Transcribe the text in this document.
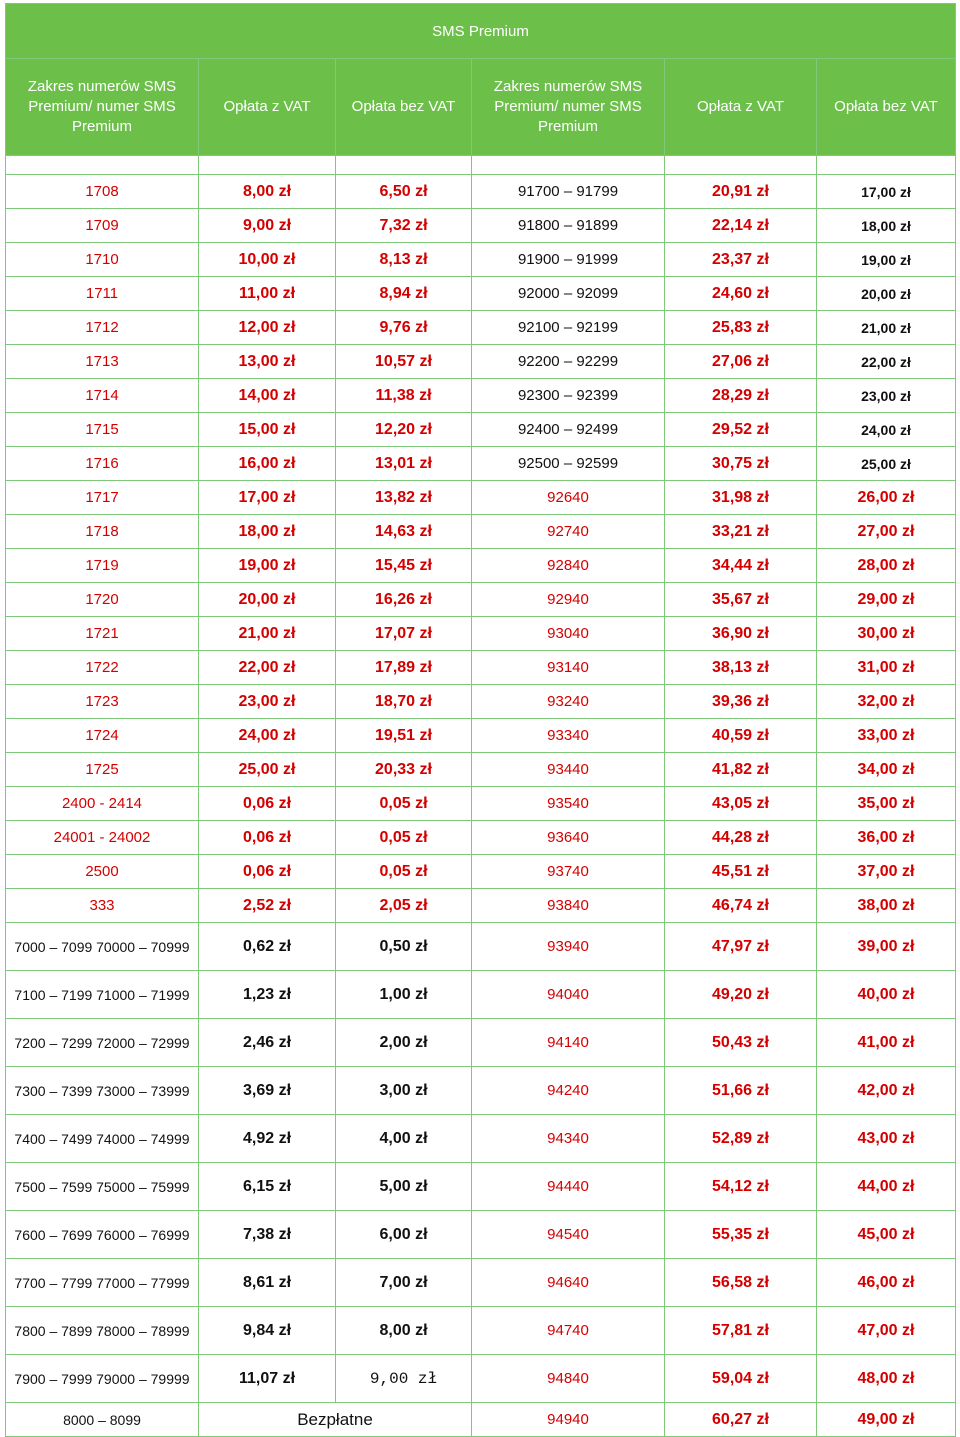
SMS Premium					
Zakres numerów SMS Premium/ numer SMS Premium	Opłata z VAT	Opłata bez VAT	Zakres numerów SMS Premium/ numer SMS Premium	Opłata z VAT	Opłata bez VAT

1708	8,00 zł	6,50 zł	91700 – 91799	20,91 zł	17,00 zł
1709	9,00 zł	7,32 zł	91800 – 91899	22,14 zł	18,00 zł
1710	10,00 zł	8,13 zł	91900 – 91999	23,37 zł	19,00 zł
1711	11,00 zł	8,94 zł	92000 – 92099	24,60 zł	20,00 zł
1712	12,00 zł	9,76 zł	92100 – 92199	25,83 zł	21,00 zł
1713	13,00 zł	10,57 zł	92200 – 92299	27,06 zł	22,00 zł
1714	14,00 zł	11,38 zł	92300 – 92399	28,29 zł	23,00 zł
1715	15,00 zł	12,20 zł	92400 – 92499	29,52 zł	24,00 zł
1716	16,00 zł	13,01 zł	92500 – 92599	30,75 zł	25,00 zł
1717	17,00 zł	13,82 zł	92640	31,98 zł	26,00 zł
1718	18,00 zł	14,63 zł	92740	33,21 zł	27,00 zł
1719	19,00 zł	15,45 zł	92840	34,44 zł	28,00 zł
1720	20,00 zł	16,26 zł	92940	35,67 zł	29,00 zł
1721	21,00 zł	17,07 zł	93040	36,90 zł	30,00 zł
1722	22,00 zł	17,89 zł	93140	38,13 zł	31,00 zł
1723	23,00 zł	18,70 zł	93240	39,36 zł	32,00 zł
1724	24,00 zł	19,51 zł	93340	40,59 zł	33,00 zł
1725	25,00 zł	20,33 zł	93440	41,82 zł	34,00 zł
2400 - 2414	0,06 zł	0,05 zł	93540	43,05 zł	35,00 zł
24001 - 24002	0,06 zł	0,05 zł	93640	44,28 zł	36,00 zł
2500	0,06 zł	0,05 zł	93740	45,51 zł	37,00 zł
333	2,52 zł	2,05 zł	93840	46,74 zł	38,00 zł
7000 – 7099 70000 – 70999	0,62 zł	0,50 zł	93940	47,97 zł	39,00 zł
7100 – 7199 71000 – 71999	1,23 zł	1,00 zł	94040	49,20 zł	40,00 zł
7200 – 7299 72000 – 72999	2,46 zł	2,00 zł	94140	50,43 zł	41,00 zł
7300 – 7399 73000 – 73999	3,69 zł	3,00 zł	94240	51,66 zł	42,00 zł
7400 – 7499 74000 – 74999	4,92 zł	4,00 zł	94340	52,89 zł	43,00 zł
7500 – 7599 75000 – 75999	6,15 zł	5,00 zł	94440	54,12 zł	44,00 zł
7600 – 7699 76000 – 76999	7,38 zł	6,00 zł	94540	55,35 zł	45,00 zł
7700 – 7799 77000 – 77999	8,61 zł	7,00 zł	94640	56,58 zł	46,00 zł
7800 – 7899 78000 – 78999	9,84 zł	8,00 zł	94740	57,81 zł	47,00 zł
7900 – 7999 79000 – 79999	11,07 zł	9,00 zł	94840	59,04 zł	48,00 zł
8000 – 8099	Bezpłatne		94940	60,27 zł	49,00 zł
